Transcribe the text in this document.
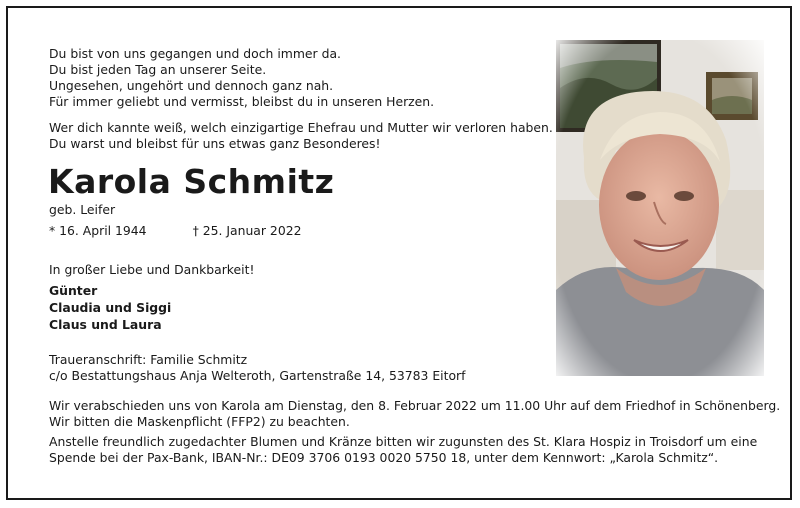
Du bist von uns gegangen und doch immer da.
Du bist jeden Tag an unserer Seite.
Ungesehen, ungehört und dennoch ganz nah.
Für immer geliebt und vermisst, bleibst du in unseren Herzen.
Wer dich kannte weiß, welch einzigartige Ehefrau und Mutter wir verloren haben.
Du warst und bleibst für uns etwas ganz Besonderes!
Karola Schmitz
geb. Leifer
* 16. April 1944	† 25. Januar 2022
In großer Liebe und Dankbarkeit!
Günter
Claudia und Siggi
Claus und Laura
Traueranschrift: Familie Schmitz
c/o Bestattungshaus Anja Welteroth, Gartenstraße 14, 53783 Eitorf
Wir verabschieden uns von Karola am Dienstag, den 8. Februar 2022 um 11.00 Uhr auf dem Friedhof in Schönenberg.
Wir bitten die Maskenpflicht (FFP2) zu beachten.
Anstelle freundlich zugedachter Blumen und Kränze bitten wir zugunsten des St. Klara Hospiz in Troisdorf um eine
Spende bei der Pax-Bank, IBAN-Nr.: DE09 3706 0193 0020 5750 18, unter dem Kennwort: „Karola Schmitz“.
